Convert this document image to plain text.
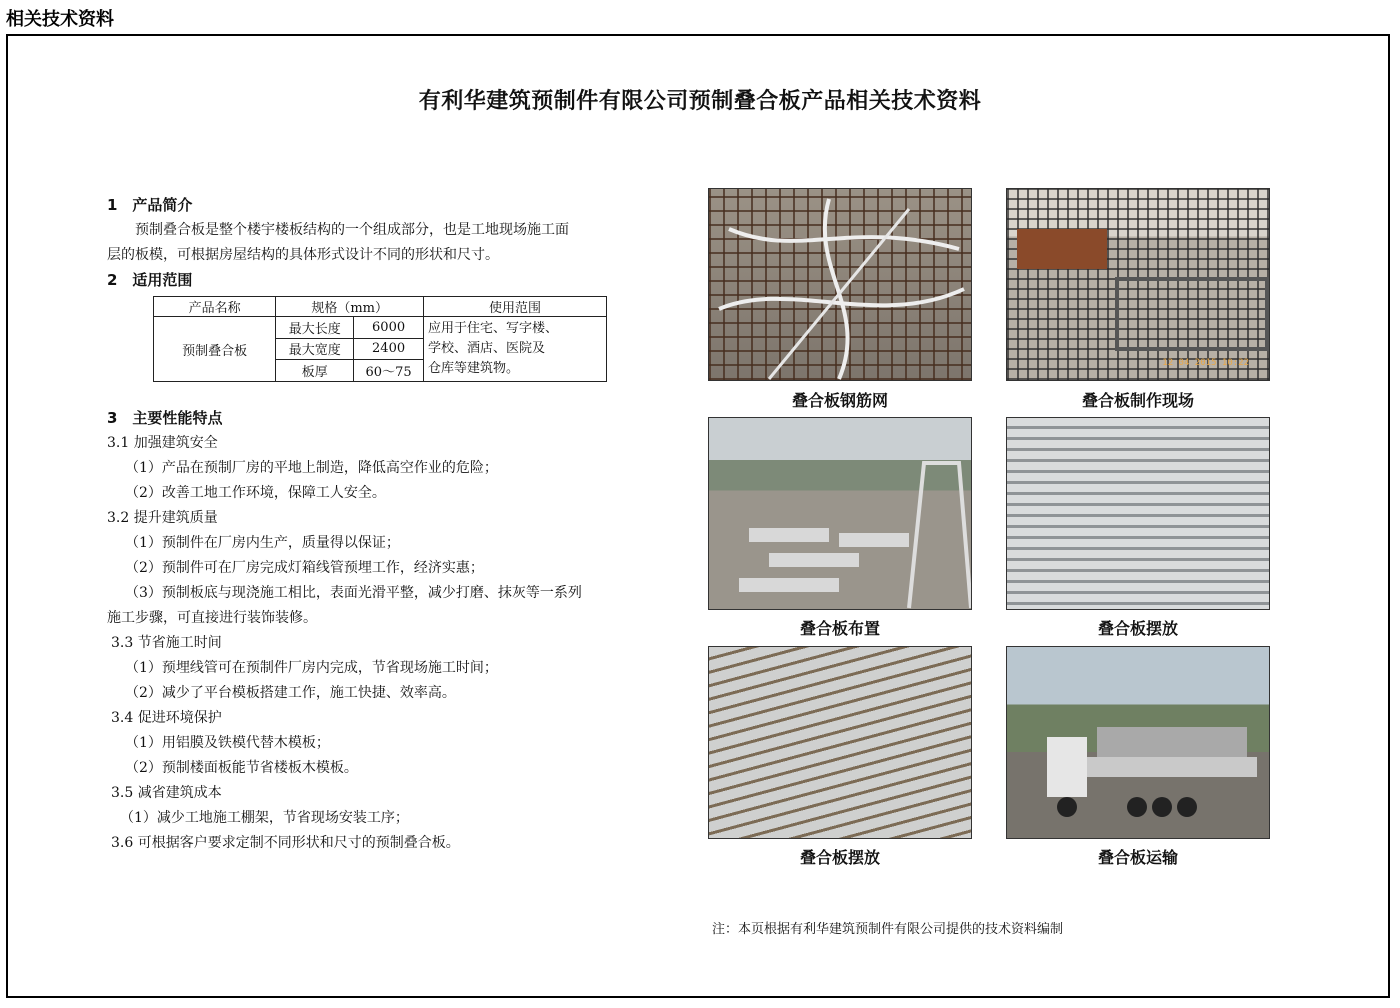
相关技术资料
有利华建筑预制件有限公司预制叠合板产品相关技术资料
1　产品简介
　　预制叠合板是整个楼宇楼板结构的一个组成部分，也是工地现场施工面
层的板模，可根据房屋结构的具体形式设计不同的形状和尺寸。
2　适用范围
产品名称	规格（mm）		使用范围
预制叠合板	最大长度	6000	应用于住宅、写字楼、
学校、酒店、医院及
仓库等建筑物。

	最大宽度	2400	
	板厚	60～75	
3　主要性能特点
3.1 加强建筑安全
（1）产品在预制厂房的平地上制造，降低高空作业的危险；
（2）改善工地工作环境，保障工人安全。
3.2 提升建筑质量
（1）预制件在厂房内生产，质量得以保证；
（2）预制件可在厂房完成灯箱线管预埋工作，经济实惠；
（3）预制板底与现浇施工相比，表面光滑平整，减少打磨、抹灰等一系列
施工步骤，可直接进行装饰装修。
3.3 节省施工时间
（1）预埋线管可在预制件厂房内完成，节省现场施工时间；
（2）减少了平台模板搭建工作，施工快捷、效率高。
3.4 促进环境保护
（1）用铝膜及铁模代替木模板；
（2）预制楼面板能节省楼板木模板。
3.5 减省建筑成本
（1）减少工地施工棚架，节省现场安装工序；
3.6 可根据客户要求定制不同形状和尺寸的预制叠合板。
叠合板钢筋网
12 04 2015 10:22
叠合板制作现场
叠合板布置	叠合板摆放
叠合板摆放	叠合板运输
注：本页根据有利华建筑预制件有限公司提供的技术资料编制
